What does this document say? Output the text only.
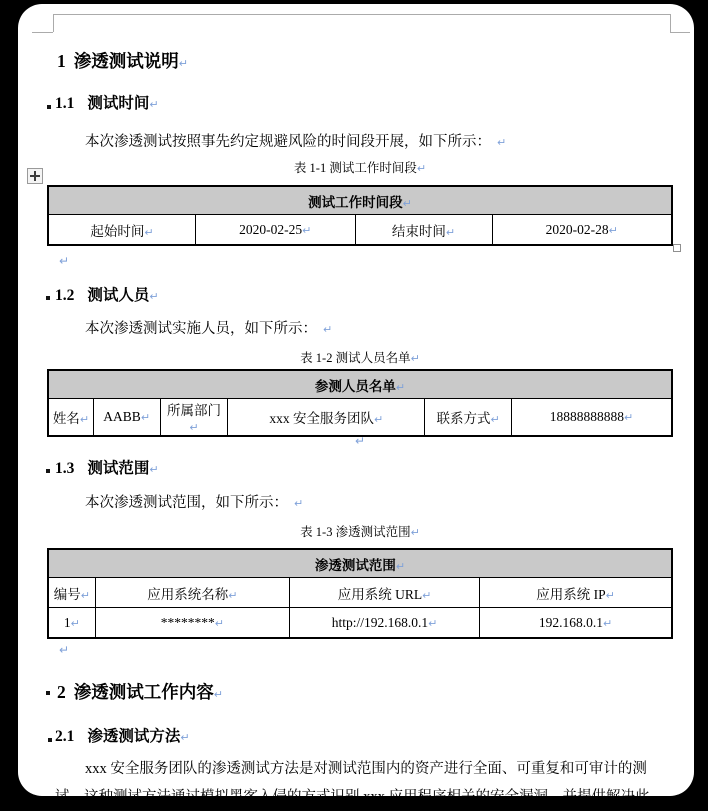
1 渗透测试说明↵
1.1 测试时间↵
本次渗透测试按照事先约定规避风险的时间段开展，如下所示： ↵
表 1-1 测试工作时间段↵
测试工作时间段↵
起始时间↵	2020-02-25↵	结束时间↵	2020-02-28↵
↵
1.2 测试人员↵
本次渗透测试实施人员，如下所示： ↵
表 1-2 测试人员名单↵
参测人员名单↵
姓名↵	AABB↵	所属部门↵	xxx 安全服务团队↵	联系方式↵	18888888888↵
↵
1.3 测试范围↵
本次渗透测试范围，如下所示： ↵
表 1-3 渗透测试范围↵
渗透测试范围↵			
编号↵	应用系统名称↵	应用系统 URL↵	应用系统 IP↵
1↵	********↵	http://192.168.0.1↵	192.168.0.1↵
↵
2 渗透测试工作内容↵
2.1 渗透测试方法↵
xxx 安全服务团队的渗透测试方法是对测试范围内的资产进行全面、可重复和可审计的测
试。这种测试方法通过模拟黑客入侵的方式识别 xxx 应用程序相关的安全漏洞，并提供解决此
